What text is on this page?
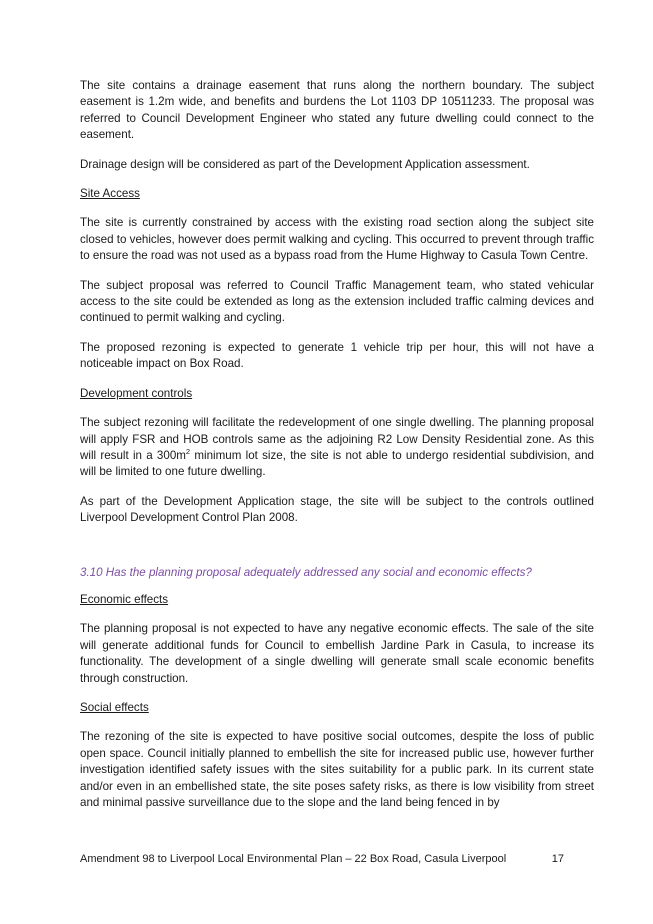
The site contains a drainage easement that runs along the northern boundary. The subject easement is 1.2m wide, and benefits and burdens the Lot 1103 DP 10511233. The proposal was referred to Council Development Engineer who stated any future dwelling could connect to the easement.

Drainage design will be considered as part of the Development Application assessment.

Site Access

The site is currently constrained by access with the existing road section along the subject site closed to vehicles, however does permit walking and cycling. This occurred to prevent through traffic to ensure the road was not used as a bypass road from the Hume Highway to Casula Town Centre.

The subject proposal was referred to Council Traffic Management team, who stated vehicular access to the site could be extended as long as the extension included traffic calming devices and continued to permit walking and cycling.

The proposed rezoning is expected to generate 1 vehicle trip per hour, this will not have a noticeable impact on Box Road.

Development controls

The subject rezoning will facilitate the redevelopment of one single dwelling. The planning proposal will apply FSR and HOB controls same as the adjoining R2 Low Density Residential zone. As this will result in a $300m^2$ minimum lot size, the site is not able to undergo residential subdivision, and will be limited to one future dwelling.

As part of the Development Application stage, the site will be subject to the controls outlined Liverpool Development Control Plan 2008.

3.10 Has the planning proposal adequately addressed any social and economic effects?
Economic effects

The planning proposal is not expected to have any negative economic effects. The sale of the site will generate additional funds for Council to embellish Jardine Park in Casula, to increase its functionality. The development of a single dwelling will generate small scale economic benefits through construction.

Social effects

The rezoning of the site is expected to have positive social outcomes, despite the loss of public open space. Council initially planned to embellish the site for increased public use, however further investigation identified safety issues with the sites suitability for a public park. In its current state and/or even in an embellished state, the site poses safety risks, as there is low visibility from street and minimal passive surveillance due to the slope and the land being fenced in by

Amendment 98 to Liverpool Local Environmental Plan – 22 Box Road, Casula Liverpool	17
